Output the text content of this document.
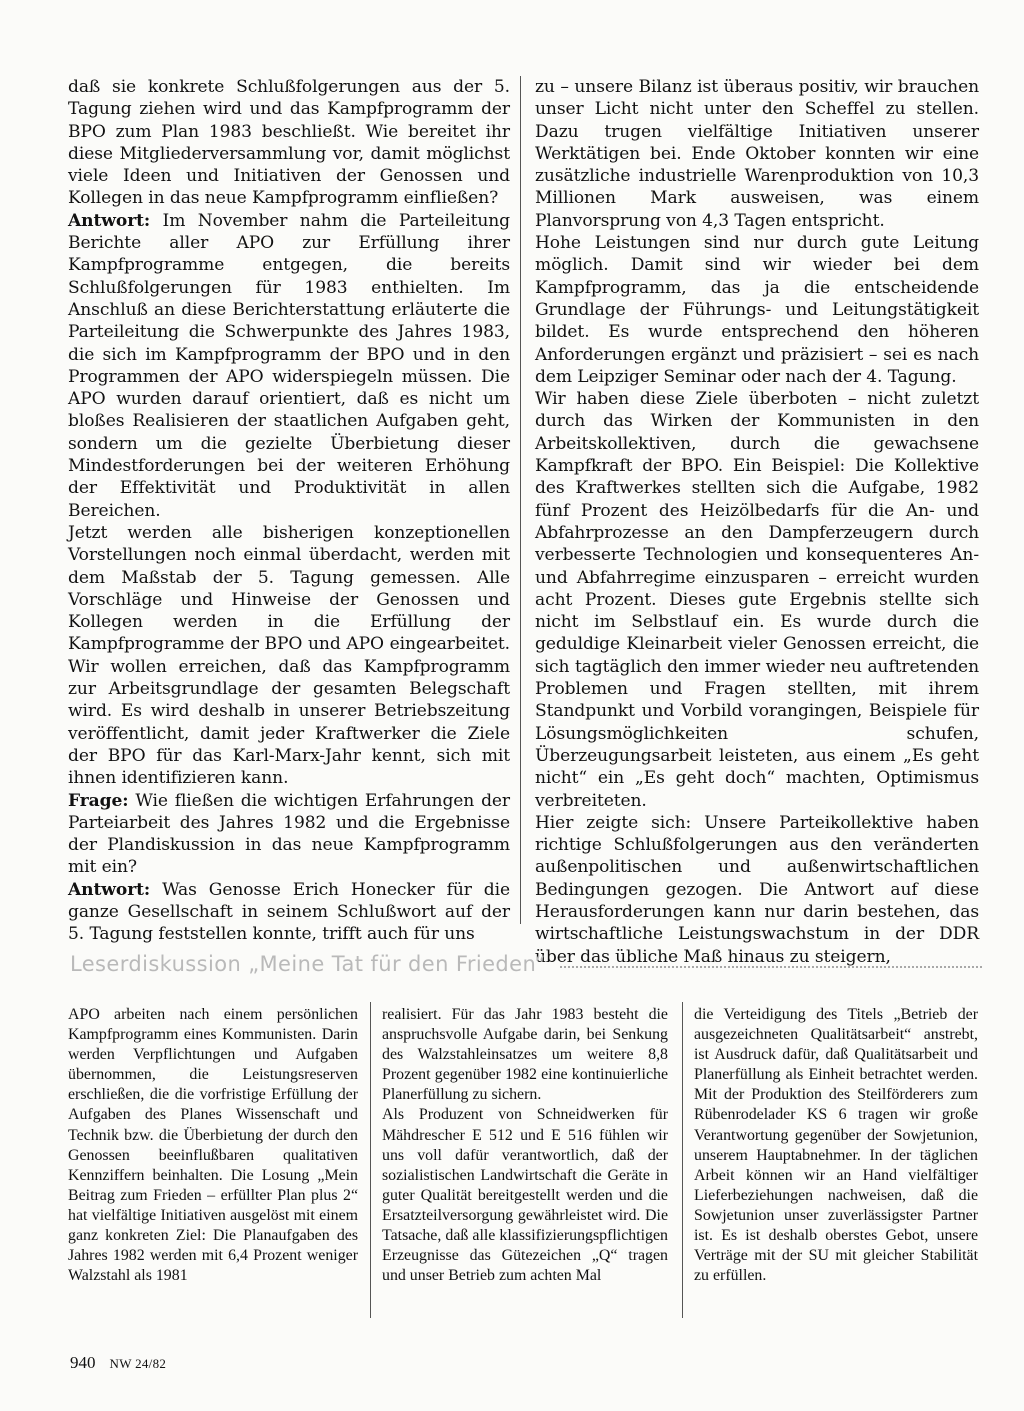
daß sie konkrete Schlußfolgerungen aus der 5. Tagung ziehen wird und das Kampfprogramm der BPO zum Plan 1983 beschließt. Wie bereitet ihr diese Mitgliederversammlung vor, damit möglichst viele Ideen und Initiativen der Genossen und Kollegen in das neue Kampfprogramm einfließen?

Antwort: Im November nahm die Parteileitung Berichte aller APO zur Erfüllung ihrer Kampfprogramme entgegen, die bereits Schlußfolgerungen für 1983 enthielten. Im Anschluß an diese Berichterstattung erläuterte die Parteileitung die Schwerpunkte des Jahres 1983, die sich im Kampfprogramm der BPO und in den Programmen der APO widerspiegeln müssen. Die APO wurden darauf orientiert, daß es nicht um bloßes Realisieren der staatlichen Aufgaben geht, sondern um die gezielte Überbietung dieser Mindestforderungen bei der weiteren Erhöhung der Effektivität und Produktivität in allen Bereichen.

Jetzt werden alle bisherigen konzeptionellen Vorstellungen noch einmal überdacht, werden mit dem Maßstab der 5. Tagung gemessen. Alle Vorschläge und Hinweise der Genossen und Kollegen werden in die Erfüllung der Kampfprogramme der BPO und APO eingearbeitet. Wir wollen erreichen, daß das Kampfprogramm zur Arbeitsgrundlage der gesamten Belegschaft wird. Es wird deshalb in unserer Betriebszeitung veröffentlicht, damit jeder Kraftwerker die Ziele der BPO für das Karl-Marx-Jahr kennt, sich mit ihnen identifizieren kann.

Frage: Wie fließen die wichtigen Erfahrungen der Parteiarbeit des Jahres 1982 und die Ergebnisse der Plandiskussion in das neue Kampfprogramm mit ein?

Antwort: Was Genosse Erich Honecker für die ganze Gesellschaft in seinem Schlußwort auf der 5. Tagung feststellen konnte, trifft auch für uns

zu – unsere Bilanz ist überaus positiv, wir brauchen unser Licht nicht unter den Scheffel zu stellen. Dazu trugen vielfältige Initiativen unserer Werktätigen bei. Ende Oktober konnten wir eine zusätzliche industrielle Warenproduktion von 10,3 Millionen Mark ausweisen, was einem Planvorsprung von 4,3 Tagen entspricht.

Hohe Leistungen sind nur durch gute Leitung möglich. Damit sind wir wieder bei dem Kampfprogramm, das ja die entscheidende Grundlage der Führungs- und Leitungstätigkeit bildet. Es wurde entsprechend den höheren Anforderungen ergänzt und präzisiert – sei es nach dem Leipziger Seminar oder nach der 4. Tagung.

Wir haben diese Ziele überboten – nicht zuletzt durch das Wirken der Kommunisten in den Arbeitskollektiven, durch die gewachsene Kampfkraft der BPO. Ein Beispiel: Die Kollektive des Kraftwerkes stellten sich die Aufgabe, 1982 fünf Prozent des Heizölbedarfs für die An- und Abfahrprozesse an den Dampferzeugern durch verbesserte Technologien und konsequenteres An- und Abfahrregime einzusparen – erreicht wurden acht Prozent. Dieses gute Ergebnis stellte sich nicht im Selbstlauf ein. Es wurde durch die geduldige Kleinarbeit vieler Genossen erreicht, die sich tagtäglich den immer wieder neu auftretenden Problemen und Fragen stellten, mit ihrem Standpunkt und Vorbild vorangingen, Beispiele für Lösungsmöglichkeiten schufen, Überzeugungsarbeit leisteten, aus einem „Es geht nicht“ ein „Es geht doch“ machten, Optimismus verbreiteten.

Hier zeigte sich: Unsere Parteikollektive haben richtige Schlußfolgerungen aus den veränderten außenpolitischen und außenwirtschaftlichen Bedingungen gezogen. Die Antwort auf diese Herausforderungen kann nur darin bestehen, das wirtschaftliche Leistungswachstum in der DDR über das übliche Maß hinaus zu steigern,

Leserdiskussion „Meine Tat für den Frieden“

APO arbeiten nach einem persönlichen Kampfprogramm eines Kommunisten. Darin werden Verpflichtungen und Aufgaben übernommen, die Leistungsreserven erschließen, die die vorfristige Erfüllung der Aufgaben des Planes Wissenschaft und Technik bzw. die Überbietung der durch den Genossen beeinflußbaren qualitativen Kennziffern beinhalten. Die Losung „Mein Beitrag zum Frieden – erfüllter Plan plus 2“ hat vielfältige Initiativen ausgelöst mit einem ganz konkreten Ziel: Die Planaufgaben des Jahres 1982 werden mit 6,4 Prozent weniger Walzstahl als 1981

realisiert. Für das Jahr 1983 besteht die anspruchsvolle Aufgabe darin, bei Senkung des Walzstahleinsatzes um weitere 8,8 Prozent gegenüber 1982 eine kontinuierliche Planerfüllung zu sichern.

Als Produzent von Schneidwerken für Mähdrescher E 512 und E 516 fühlen wir uns voll dafür verantwortlich, daß der sozialistischen Landwirtschaft die Geräte in guter Qualität bereitgestellt werden und die Ersatzteilversorgung gewährleistet wird. Die Tatsache, daß alle klassifizierungspflichtigen Erzeugnisse das Gütezeichen „Q“ tragen und unser Betrieb zum achten Mal

die Verteidigung des Titels „Betrieb der ausgezeichneten Qualitätsarbeit“ anstrebt, ist Ausdruck dafür, daß Qualitätsarbeit und Planerfüllung als Einheit betrachtet werden. Mit der Produktion des Steilförderers zum Rübenrodelader KS 6 tragen wir große Verantwortung gegenüber der Sowjetunion, unserem Hauptabnehmer. In der täglichen Arbeit können wir an Hand vielfältiger Lieferbeziehungen nachweisen, daß die Sowjetunion unser zuverlässigster Partner ist. Es ist deshalb oberstes Gebot, unsere Verträge mit der SU mit gleicher Stabilität zu erfüllen.

940 NW 24/82
